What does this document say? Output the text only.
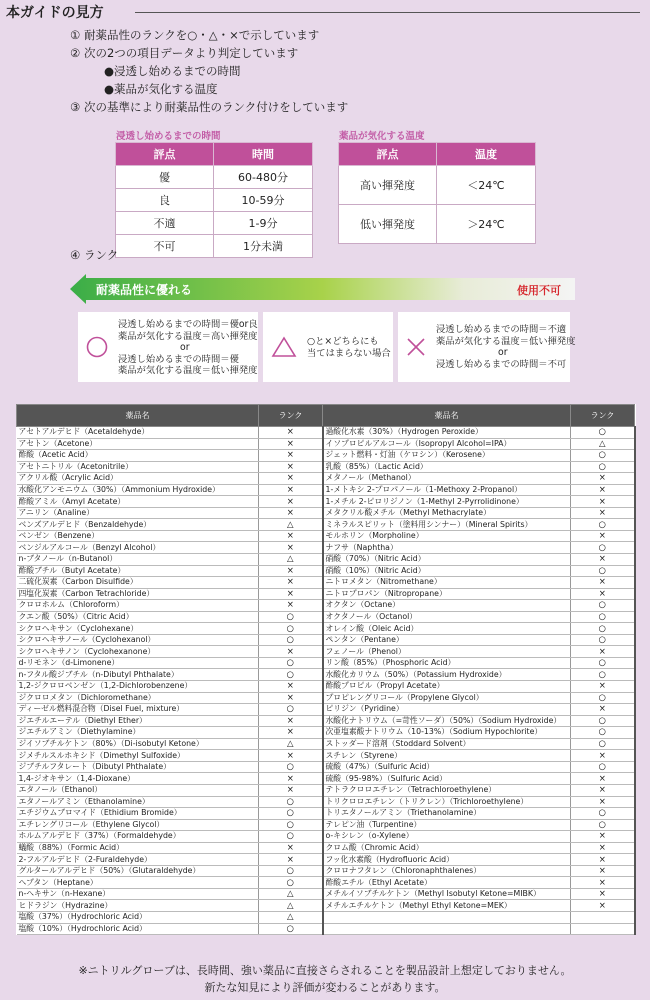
本ガイドの見方
① 耐薬品性のランクを○・△・×で示しています
② 次の2つの項目データより判定しています
●浸透し始めるまでの時間
●薬品が気化する温度
③ 次の基準により耐薬品性のランク付けをしています
浸透し始めるまでの時間
評点	時間
優	60-480分
良	10-59分
不適	1-9分
不可	1分未満
薬品が気化する温度
評点	温度
高い揮発度	＜24℃
低い揮発度	＞24℃
④ ランク
耐薬品性に優れる	使用不可
浸透し始めるまでの時間＝優or良
薬品が気化する温度＝高い揮発度
or
浸透し始めるまでの時間＝優
薬品が気化する温度＝低い揮発度
○と×どちらにも
当てはまらない場合
浸透し始めるまでの時間＝不適
薬品が気化する温度＝低い揮発度
or
浸透し始めるまでの時間＝不可
薬品名	ランク	薬品名	ランク
アセトアルデヒド（Acetaldehyde）	×	過酸化水素（30%）（Hydrogen Peroxide）	○
アセトン（Acetone）	×	イソプロピルアルコール（Isopropyl Alcohol=IPA）	△
酢酸（Acetic Acid）	×	ジェット燃料・灯油（ケロシン）（Kerosene）	○
アセトニトリル（Acetonitrile）	×	乳酸（85%）（Lactic Acid）	○
アクリル酸（Acrylic Acid）	×	メタノール（Methanol）	×
水酸化アンモニウム（30%）（Ammonium Hydroxide）	×	1-メトキシ 2-プロパノール（1-Methoxy 2-Propanol）	×
酢酸アミル（Amyl Acetate）	×	1-メチル 2-ピロリジノン（1-Methyl 2-Pyrrolidinone）	×
アニリン（Analine）	×	メタクリル酸メチル（Methyl Methacrylate）	×
ベンズアルデヒド（Benzaldehyde）	△	ミネラルスピリット（塗料用シンナー）（Mineral Spirits）	○
ベンゼン（Benzene）	×	モルホリン（Morpholine）	×
ベンジルアルコール（Benzyl Alcohol）	×	ナフサ（Naphtha）	○
n-ブタノール（n-Butanol）	△	硝酸（70%）（Nitric Acid）	×
酢酸ブチル（Butyl Acetate）	×	硝酸（10%）（Nitric Acid）	○
二硫化炭素（Carbon Disulfide）	×	ニトロメタン（Nitromethane）	×
四塩化炭素（Carbon Tetrachloride）	×	ニトロプロパン（Nitropropane）	×
クロロホルム（Chloroform）	×	オクタン（Octane）	○
クエン酸（50%）（Citric Acid）	○	オクタノール（Octanol）	○
シクロヘキサン（Cyclohexane）	○	オレイン酸（Oleic Acid）	○
シクロヘキサノール（Cyclohexanol）	○	ペンタン（Pentane）	○
シクロヘキサノン（Cyclohexanone）	×	フェノール（Phenol）	×
d-リモネン（d-Limonene）	○	リン酸（85%）（Phosphoric Acid）	○
n-フタル酸ジブチル（n-Dibutyl Phthalate）	○	水酸化カリウム（50%）（Potassium Hydroxide）	○
1,2-ジクロロベンゼン（1,2-Dichlorobenzene）	×	酢酸プロピル（Propyl Acetate）	×
ジクロロメタン（Dichloromethane）	×	プロピレングリコール（Propylene Glycol）	○
ディーゼル燃料混合物（Disel Fuel, mixture）	○	ピリジン（Pyridine）	×
ジエチルエーテル（Diethyl Ether）	×	水酸化ナトリウム（=苛性ソーダ）（50%）（Sodium Hydroxide）	○
ジエチルアミン（Diethylamine）	×	次亜塩素酸ナトリウム（10-13%）（Sodium Hypochlorite）	○
ジイソブチルケトン（80%）（Di-isobutyl Ketone）	△	ストッダード溶剤（Stoddard Solvent）	○
ジメチルスルホキシド（Dimethyl Sulfoxide）	×	スチレン（Styrene）	×
ジブチルフタレート（Dibutyl Phthalate）	○	硫酸（47%）（Sulfuric Acid）	○
1,4-ジオキサン（1,4-Dioxane）	×	硫酸（95-98%）（Sulfuric Acid）	×
エタノール（Ethanol）	×	テトラクロロエチレン（Tetrachloroethylene）	×
エタノールアミン（Ethanolamine）	○	トリクロロエチレン（トリクレン）（Trichloroethylene）	×
エチジウムブロマイド（Ethidium Bromide）	○	トリエタノールアミン（Triethanolamine）	○
エチレングリコール（Ethylene Glycol）	○	テレピン油（Turpentine）	○
ホルムアルデヒド（37%）（Formaldehyde）	○	o-キシレン（o-Xylene）	×
蟻酸（88%）（Formic Acid）	×	クロム酸（Chromic Acid）	×
2-フルアルデヒド（2-Furaldehyde）	×	フッ化水素酸（Hydrofluoric Acid）	×
グルタールアルデヒド（50%）（Glutaraldehyde）	○	クロロナフタレン（Chloronaphthalenes）	×
ヘプタン（Heptane）	○	酢酸エチル（Ethyl Acetate）	×
n-ヘキサン（n-Hexane）	△	メチルイソブチルケトン（Methyl Isobutyl Ketone=MIBK）	×
ヒドラジン（Hydrazine）	△	メチルエチルケトン（Methyl Ethyl Ketone=MEK）	×
塩酸（37%）（Hydrochloric Acid）	△		
塩酸（10%）（Hydrochloric Acid）	○		
※ニトリルグローブは、長時間、強い薬品に直接さらされることを製品設計上想定しておりません。
新たな知見により評価が変わることがあります。
